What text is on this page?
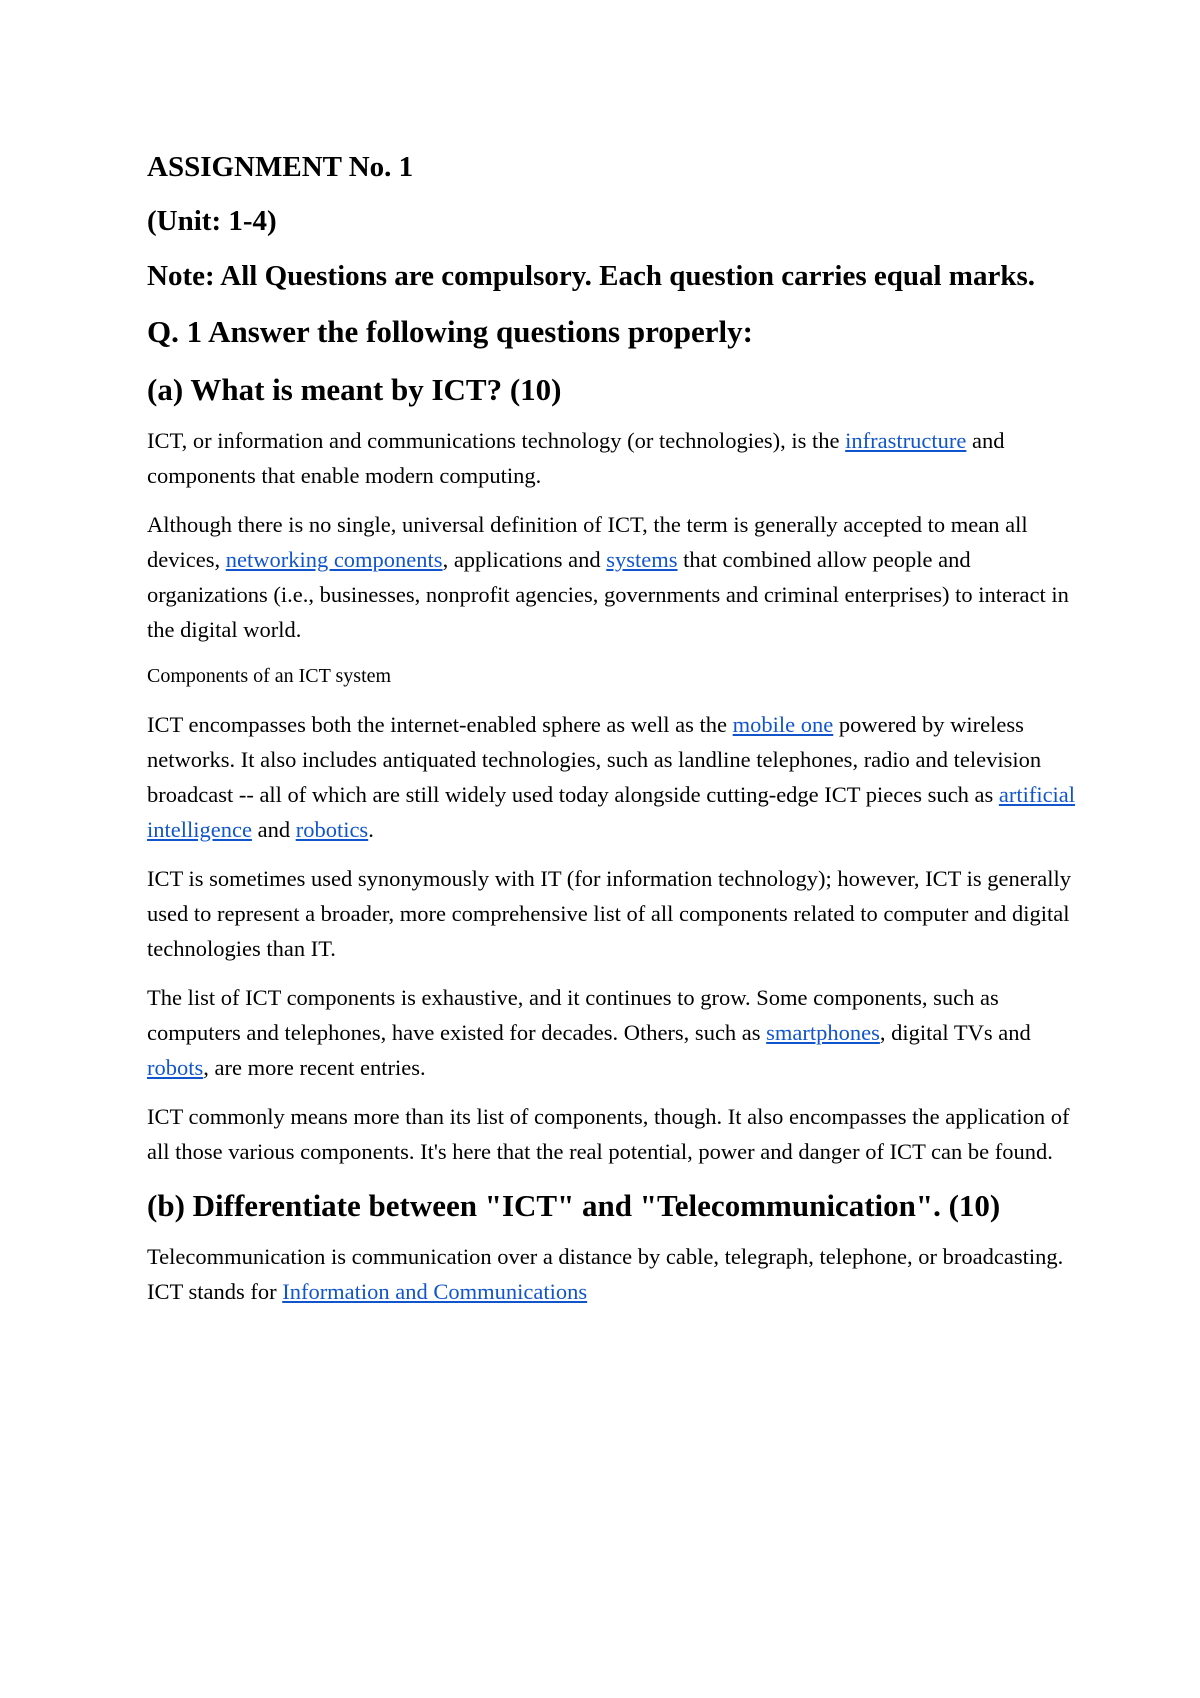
ASSIGNMENT No. 1
(Unit: 1-4)
Note: All Questions are compulsory. Each question carries equal marks.
Q. 1 Answer the following questions properly:
(a) What is meant by ICT? (10)

ICT, or information and communications technology (or technologies), is the infrastructure and components that enable modern computing.

Although there is no single, universal definition of ICT, the term is generally accepted to mean all devices, networking components, applications and systems that combined allow people and organizations (i.e., businesses, nonprofit agencies, governments and criminal enterprises) to interact in the digital world.

Components of an ICT system

ICT encompasses both the internet-enabled sphere as well as the mobile one powered by wireless networks. It also includes antiquated technologies, such as landline telephones, radio and television broadcast -- all of which are still widely used today alongside cutting-edge ICT pieces such as artificial intelligence and robotics.

ICT is sometimes used synonymously with IT (for information technology); however, ICT is generally used to represent a broader, more comprehensive list of all components related to computer and digital technologies than IT.

The list of ICT components is exhaustive, and it continues to grow. Some components, such as computers and telephones, have existed for decades. Others, such as smartphones, digital TVs and robots, are more recent entries.

ICT commonly means more than its list of components, though. It also encompasses the application of all those various components. It's here that the real potential, power and danger of ICT can be found.

(b) Differentiate between "ICT" and "Telecommunication". (10)

Telecommunication is communication over a distance by cable, telegraph, telephone, or broadcasting. ICT stands for Information and Communications
